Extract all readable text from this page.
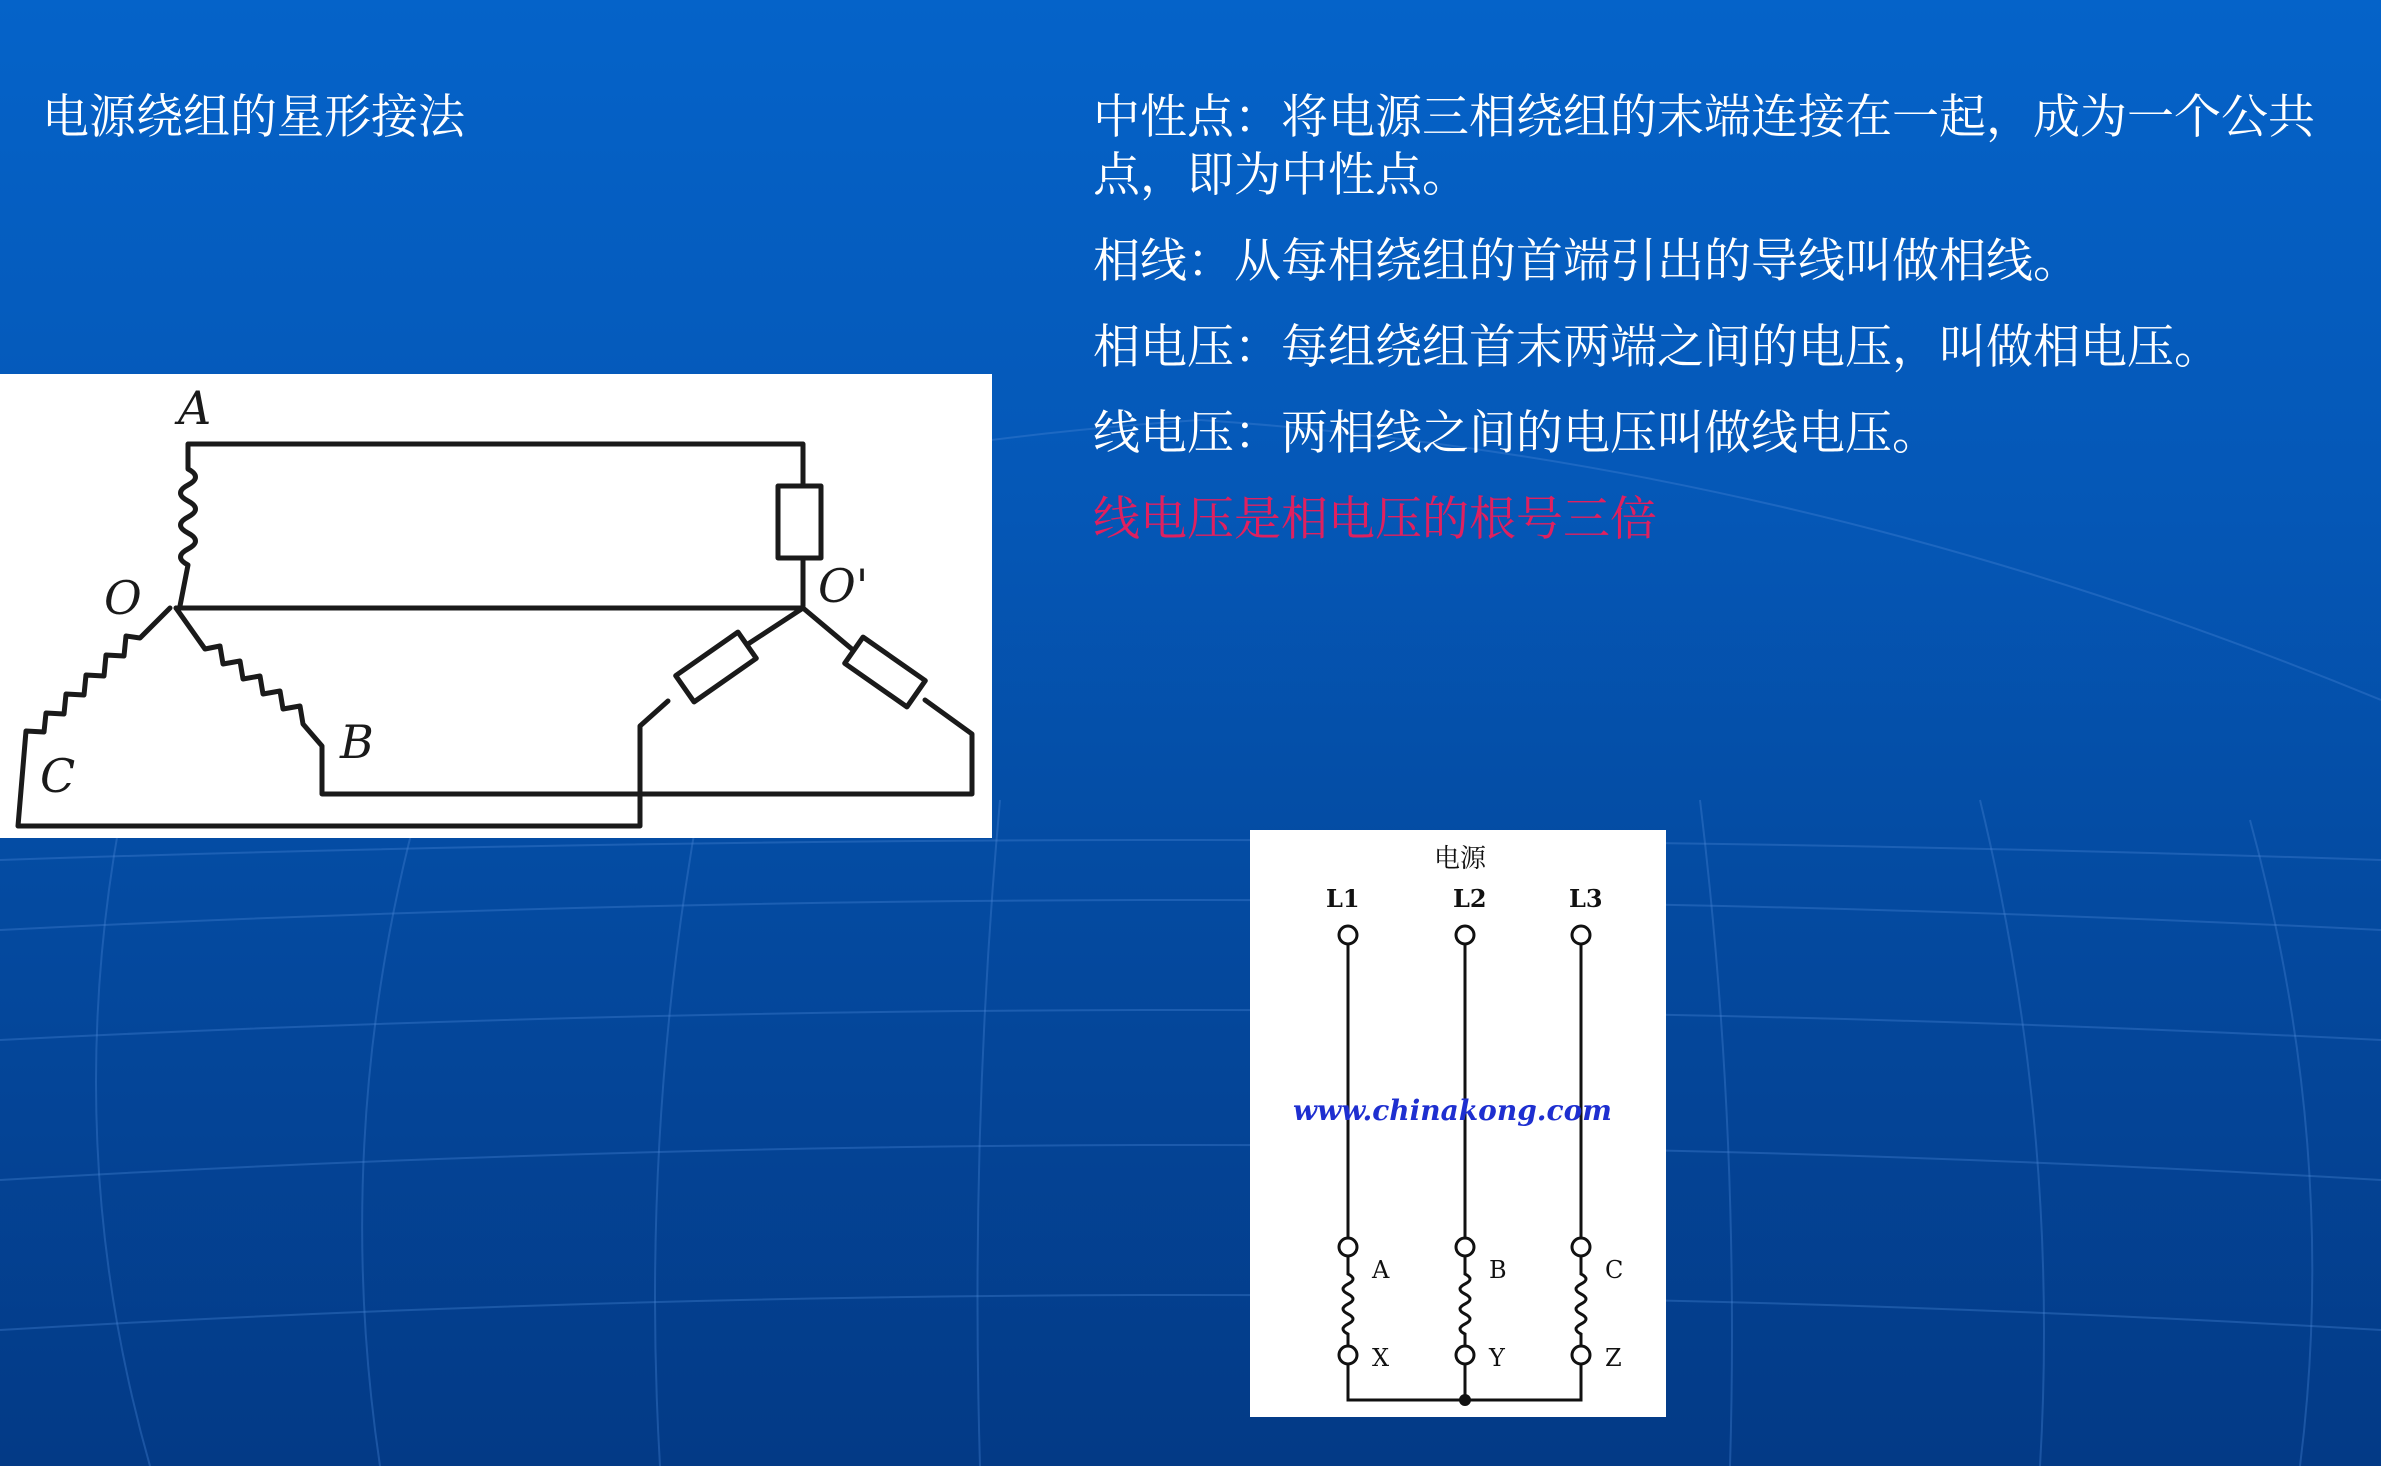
电源绕组的星形接法	中性点：将电源三相绕组的末端连接在一起，成为一个公共点，即为中性点。

相线：从每相绕组的首端引出的导线叫做相线。

相电压：每组绕组首末两端之间的电压，叫做相电压。

线电压：两相线之间的电压叫做线电压。

线电压是相电压的根号三倍

A
O	O'
B
C
电源
L1	L2	L3
www.chinakong.com
A	B	C
X	Y	Z
